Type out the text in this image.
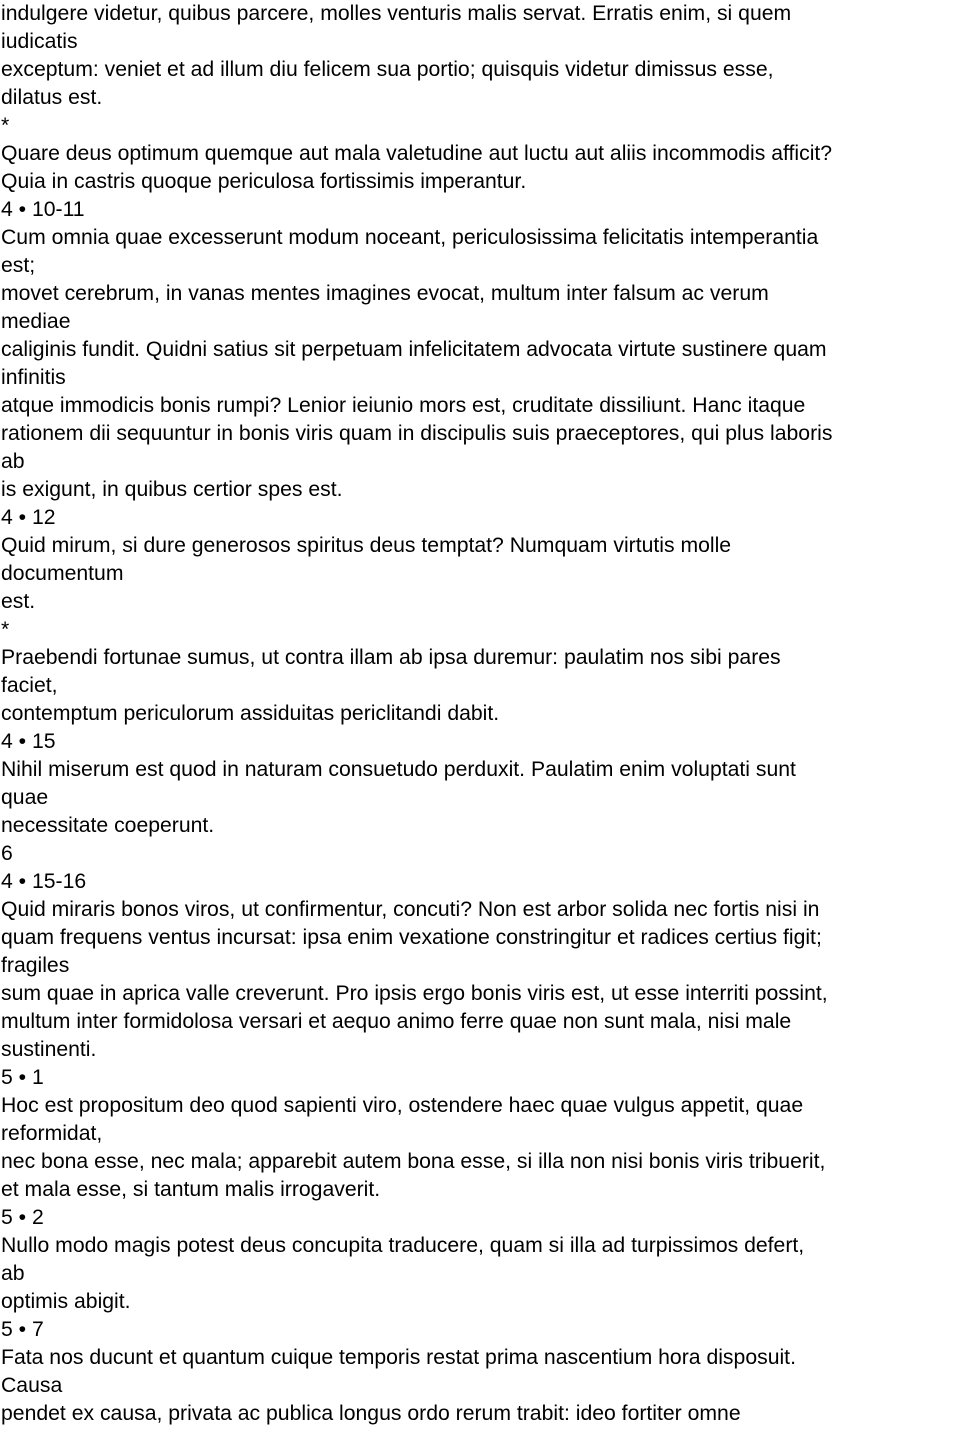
indulgere videtur, quibus parcere, molles venturis malis servat. Erratis enim, si quem

iudicatis

exceptum: veniet et ad illum diu felicem sua portio; quisquis videtur dimissus esse,

dilatus est.

*

Quare deus optimum quemque aut mala valetudine aut luctu aut aliis incommodis afficit?

Quia in castris quoque periculosa fortissimis imperantur.

4 • 10-11

Cum omnia quae excesserunt modum noceant, periculosissima felicitatis intemperantia

est;

movet cerebrum, in vanas mentes imagines evocat, multum inter falsum ac verum

mediae

caliginis fundit. Quidni satius sit perpetuam infelicitatem advocata virtute sustinere quam

infinitis

atque immodicis bonis rumpi? Lenior ieiunio mors est, cruditate dissiliunt. Hanc itaque

rationem dii sequuntur in bonis viris quam in discipulis suis praeceptores, qui plus laboris

ab

is exigunt, in quibus certior spes est.

4 • 12

Quid mirum, si dure generosos spiritus deus temptat? Numquam virtutis molle

documentum

est.

*

Praebendi fortunae sumus, ut contra illam ab ipsa duremur: paulatim nos sibi pares

faciet,

contemptum periculorum assiduitas periclitandi dabit.

4 • 15

Nihil miserum est quod in naturam consuetudo perduxit. Paulatim enim voluptati sunt

quae

necessitate coeperunt.

6

4 • 15-16

Quid miraris bonos viros, ut confirmentur, concuti? Non est arbor solida nec fortis nisi in

quam frequens ventus incursat: ipsa enim vexatione constringitur et radices certius figit;

fragiles

sum quae in aprica valle creverunt. Pro ipsis ergo bonis viris est, ut esse interriti possint,

multum inter formidolosa versari et aequo animo ferre quae non sunt mala, nisi male

sustinenti.

5 • 1

Hoc est propositum deo quod sapienti viro, ostendere haec quae vulgus appetit, quae

reformidat,

nec bona esse, nec mala; apparebit autem bona esse, si illa non nisi bonis viris tribuerit,

et mala esse, si tantum malis irrogaverit.

5 • 2

Nullo modo magis potest deus concupita traducere, quam si illa ad turpissimos defert,

ab

optimis abigit.

5 • 7

Fata nos ducunt et quantum cuique temporis restat prima nascentium hora disposuit.

Causa

pendet ex causa, privata ac publica longus ordo rerum trabit: ideo fortiter omne
